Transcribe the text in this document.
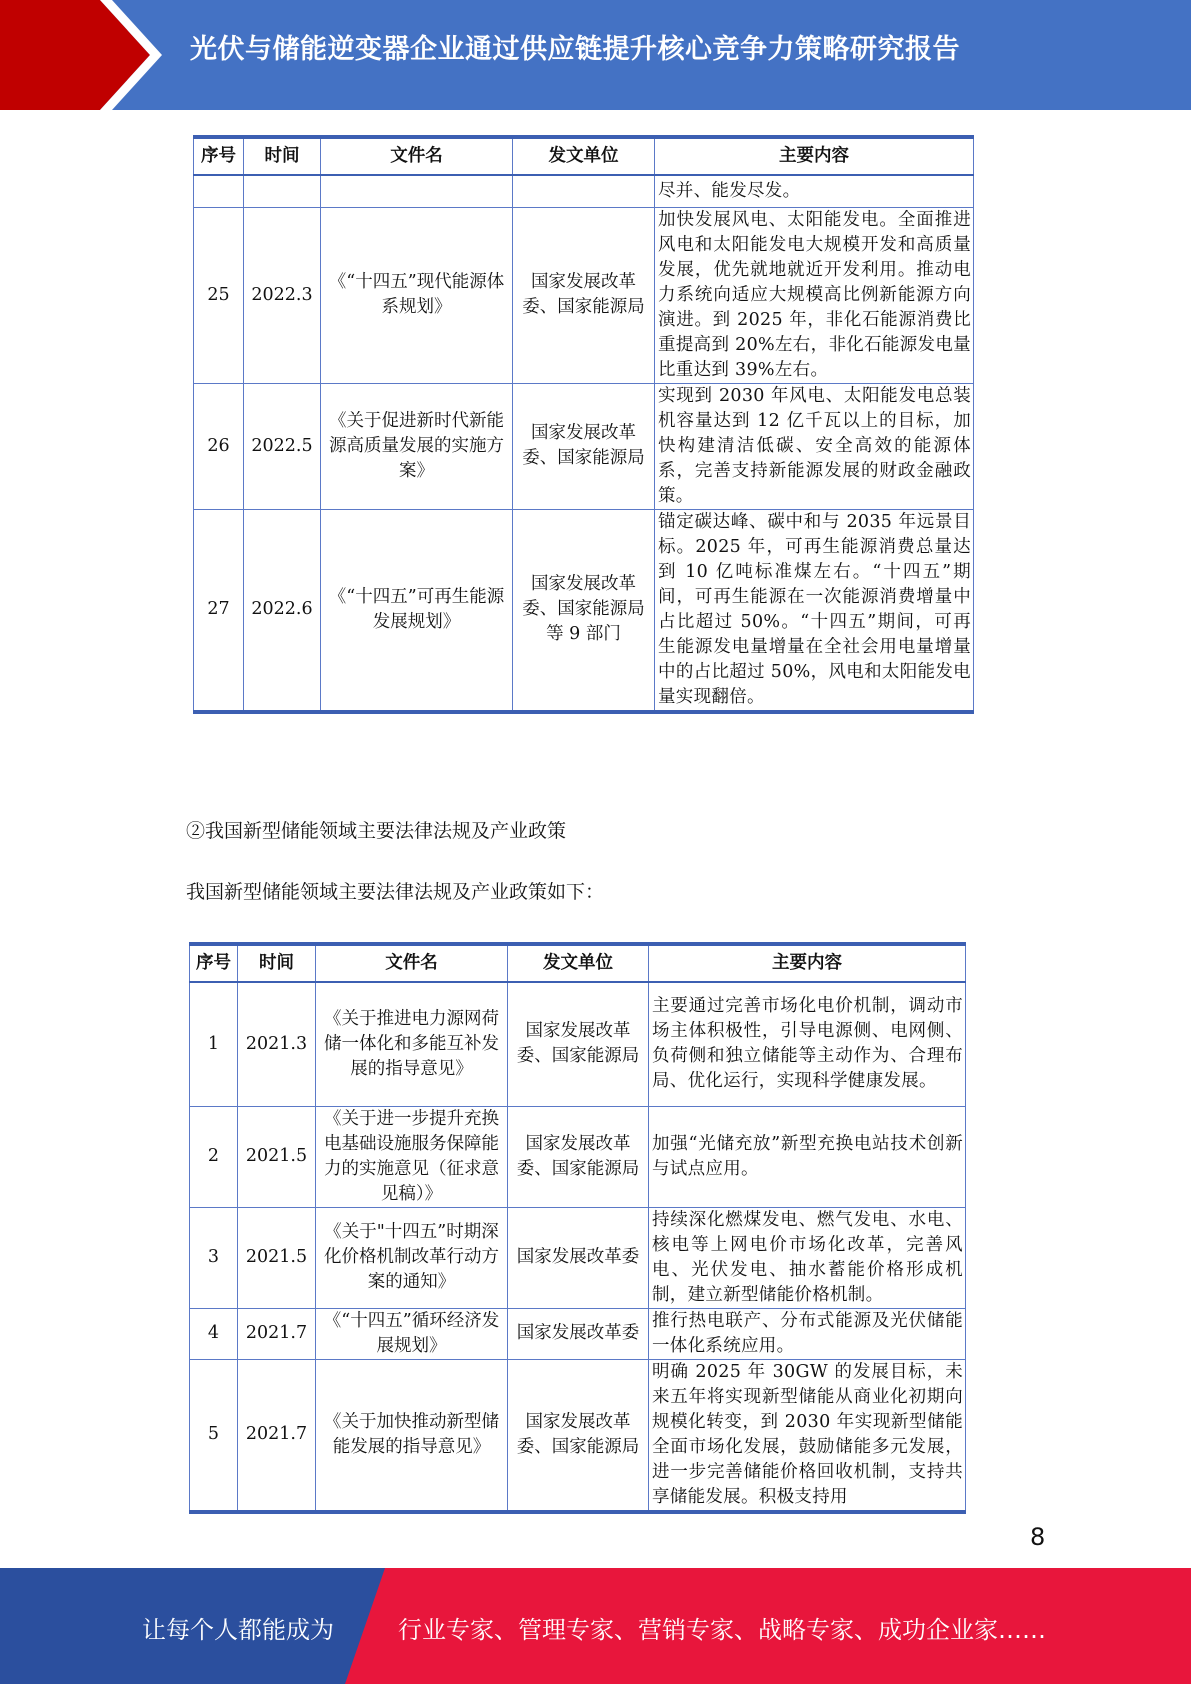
光伏与储能逆变器企业通过供应链提升核心竞争力策略研究报告
序号	时间	文件名	发文单位	主要内容
				尽并、能发尽发。
25	2022.3	《“十四五”现代能源体系规划》	国家发展改革委、国家能源局	加快发展风电、太阳能发电。全面推进风电和太阳能发电大规模开发和高质量发展，优先就地就近开发利用。推动电力系统向适应大规模高比例新能源方向演进。到 2025 年，非化石能源消费比重提高到 20%左右，非化石能源发电量比重达到 39%左右。
26	2022.5	《关于促进新时代新能源高质量发展的实施方案》	国家发展改革委、国家能源局	实现到 2030 年风电、太阳能发电总装机容量达到 12 亿千瓦以上的目标，加快构建清洁低碳、安全高效的能源体系，完善支持新能源发展的财政金融政策。
27	2022.6	《“十四五”可再生能源发展规划》	国家发展改革委、国家能源局等 9 部门	锚定碳达峰、碳中和与 2035 年远景目标。2025 年，可再生能源消费总量达到 10 亿吨标准煤左右。“十四五”期间，可再生能源在一次能源消费增量中占比超过 50%。“十四五”期间，可再生能源发电量增量在全社会用电量增量中的占比超过 50%，风电和太阳能发电量实现翻倍。
②我国新型储能领域主要法律法规及产业政策
我国新型储能领域主要法律法规及产业政策如下：
序号	时间	文件名	发文单位	主要内容
1	2021.3	《关于推进电力源网荷储一体化和多能互补发展的指导意见》	国家发展改革委、国家能源局	主要通过完善市场化电价机制，调动市场主体积极性，引导电源侧、电网侧、负荷侧和独立储能等主动作为、合理布局、优化运行，实现科学健康发展。
2	2021.5	《关于进一步提升充换电基础设施服务保障能力的实施意见（征求意见稿）》	国家发展改革委、国家能源局	加强“光储充放”新型充换电站技术创新与试点应用。
3	2021.5	《关于"十四五”时期深化价格机制改革行动方案的通知》	国家发展改革委	持续深化燃煤发电、燃气发电、水电、核电等上网电价市场化改革，完善风电、光伏发电、抽水蓄能价格形成机制，建立新型储能价格机制。
4	2021.7	《“十四五”循环经济发展规划》	国家发展改革委	推行热电联产、分布式能源及光伏储能一体化系统应用。
5	2021.7	《关于加快推动新型储能发展的指导意见》	国家发展改革委、国家能源局	明确 2025 年 30GW 的发展目标，未来五年将实现新型储能从商业化初期向规模化转变，到 2030 年实现新型储能全面市场化发展，鼓励储能多元发展，进一步完善储能价格回收机制，支持共享储能发展。积极支持用
8
让每个人都能成为	行业专家、管理专家、营销专家、战略专家、成功企业家……
